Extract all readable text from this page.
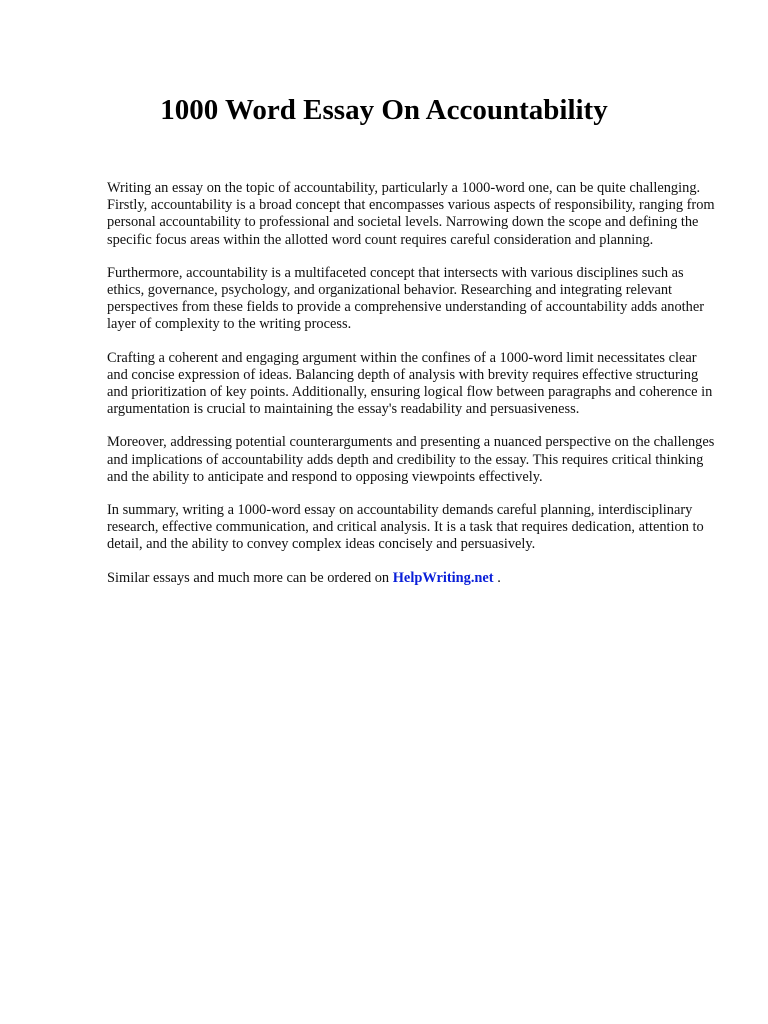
1000 Word Essay On Accountability

Writing an essay on the topic of accountability, particularly a 1000-word one, can be quite challenging. Firstly, accountability is a broad concept that encompasses various aspects of responsibility, ranging from personal accountability to professional and societal levels. Narrowing down the scope and defining the specific focus areas within the allotted word count requires careful consideration and planning.

Furthermore, accountability is a multifaceted concept that intersects with various disciplines such as ethics, governance, psychology, and organizational behavior. Researching and integrating relevant perspectives from these fields to provide a comprehensive understanding of accountability adds another layer of complexity to the writing process.

Crafting a coherent and engaging argument within the confines of a 1000-word limit necessitates clear and concise expression of ideas. Balancing depth of analysis with brevity requires effective structuring and prioritization of key points. Additionally, ensuring logical flow between paragraphs and coherence in argumentation is crucial to maintaining the essay's readability and persuasiveness.

Moreover, addressing potential counterarguments and presenting a nuanced perspective on the challenges and implications of accountability adds depth and credibility to the essay. This requires critical thinking and the ability to anticipate and respond to opposing viewpoints effectively.

In summary, writing a 1000-word essay on accountability demands careful planning, interdisciplinary research, effective communication, and critical analysis. It is a task that requires dedication, attention to detail, and the ability to convey complex ideas concisely and persuasively.

Similar essays and much more can be ordered on HelpWriting.net .
